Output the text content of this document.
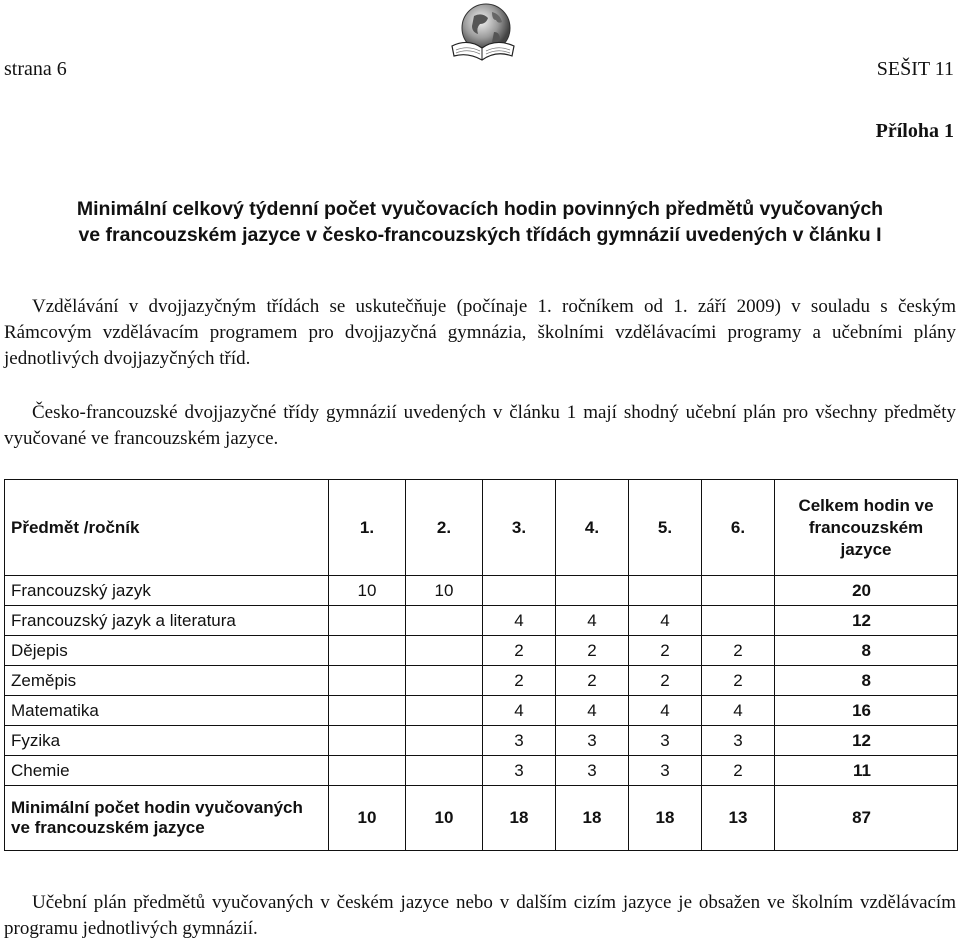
strana 6	SEŠIT 11
Příloha 1
Minimální celkový týdenní počet vyučovacích hodin povinných předmětů vyučovaných
ve francouzském jazyce v česko-francouzských třídách gymnázií uvedených v článku I
Vzdělávání v dvojjazyčným třídách se uskutečňuje (počínaje 1. ročníkem od 1. září 2009) v souladu s českým Rámcovým vzdělávacím programem pro dvojjazyčná gymnázia, školními vzdělávacími programy a učebními plány jednotlivých dvojjazyčných tříd.
Česko-francouzské dvojjazyčné třídy gymnázií uvedených v článku 1 mají shodný učební plán pro všechny předměty vyučované ve francouzském jazyce.
Předmět /ročník	1.	2.	3.	4.	5.	6.	Celkem hodin ve francouzském jazyce
Francouzský jazyk	10	10					20
Francouzský jazyk a literatura			4	4	4		12
Dějepis			2	2	2	2	8
Zeměpis			2	2	2	2	8
Matematika			4	4	4	4	16
Fyzika			3	3	3	3	12
Chemie			3	3	3	2	11
Minimální počet hodin vyučovaných ve francouzském jazyce	10	10	18	18	18	13	87
Učební plán předmětů vyučovaných v českém jazyce nebo v dalším cizím jazyce je obsažen ve školním vzdělávacím programu jednotlivých gymnázií.
